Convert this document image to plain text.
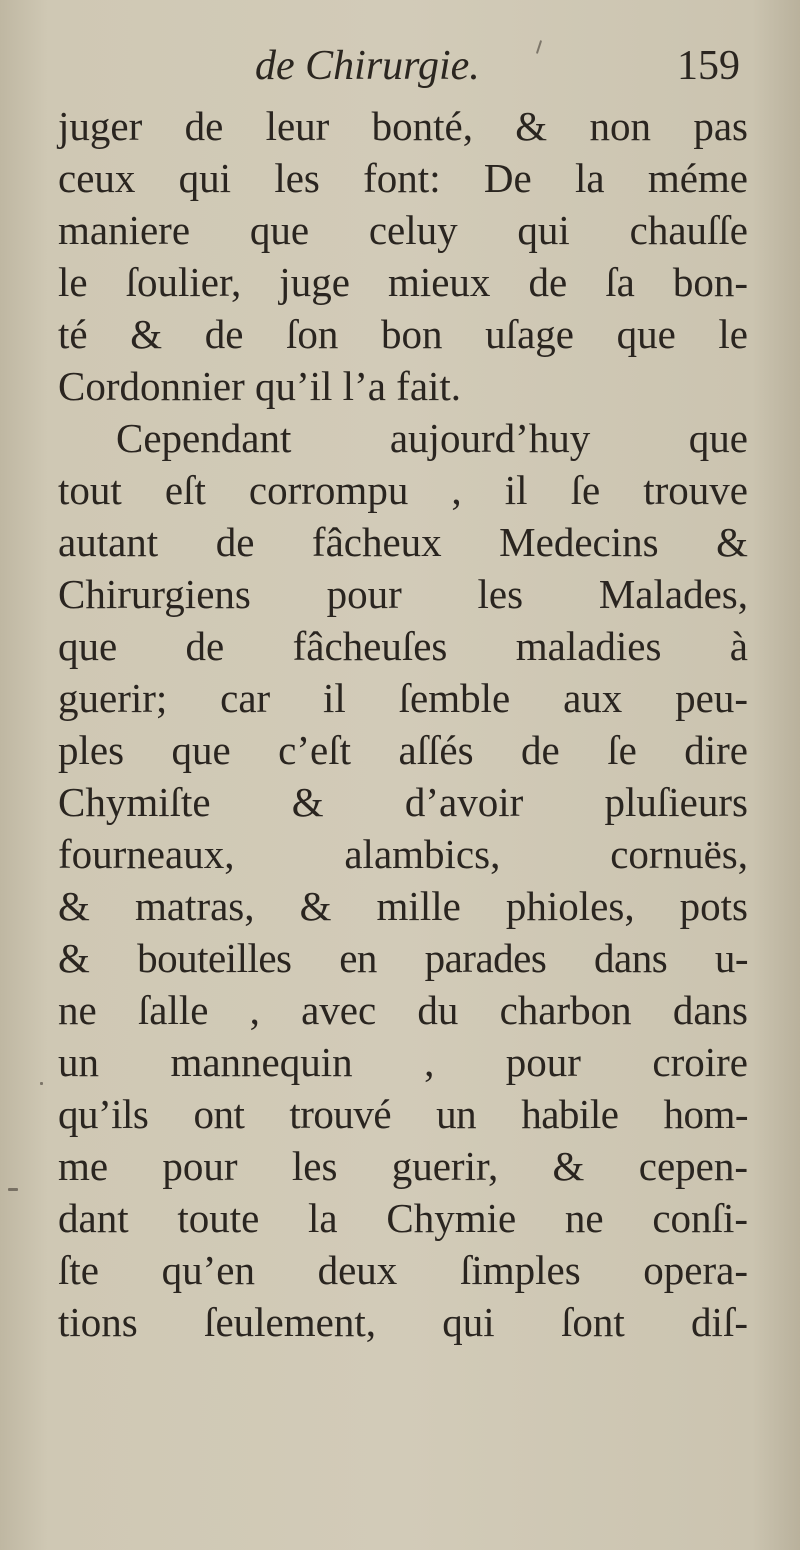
de Chirurgie.	159
juger de leur bonté, & non pas
ceux qui les font: De la méme
maniere que celuy qui chauſſe
le ſoulier, juge mieux de ſa bon-
té & de ſon bon uſage que le
Cordonnier qu’il l’a fait.
Cependant aujourd’huy que
tout eſt corrompu , il ſe trouve
autant de fâcheux Medecins &
Chirurgiens pour les Malades,
que de fâcheuſes maladies à
guerir; car il ſemble aux peu-
ples que c’eſt aſſés de ſe dire
Chymiſte & d’avoir pluſieurs
fourneaux, alambics, cornuës,
& matras, & mille phioles, pots
& bouteilles en parades dans u-
ne ſalle , avec du charbon dans
un mannequin , pour croire
qu’ils ont trouvé un habile hom-
me pour les guerir, & cepen-
dant toute la Chymie ne conſi-
ſte qu’en deux ſimples opera-
tions ſeulement, qui ſont diſ-
